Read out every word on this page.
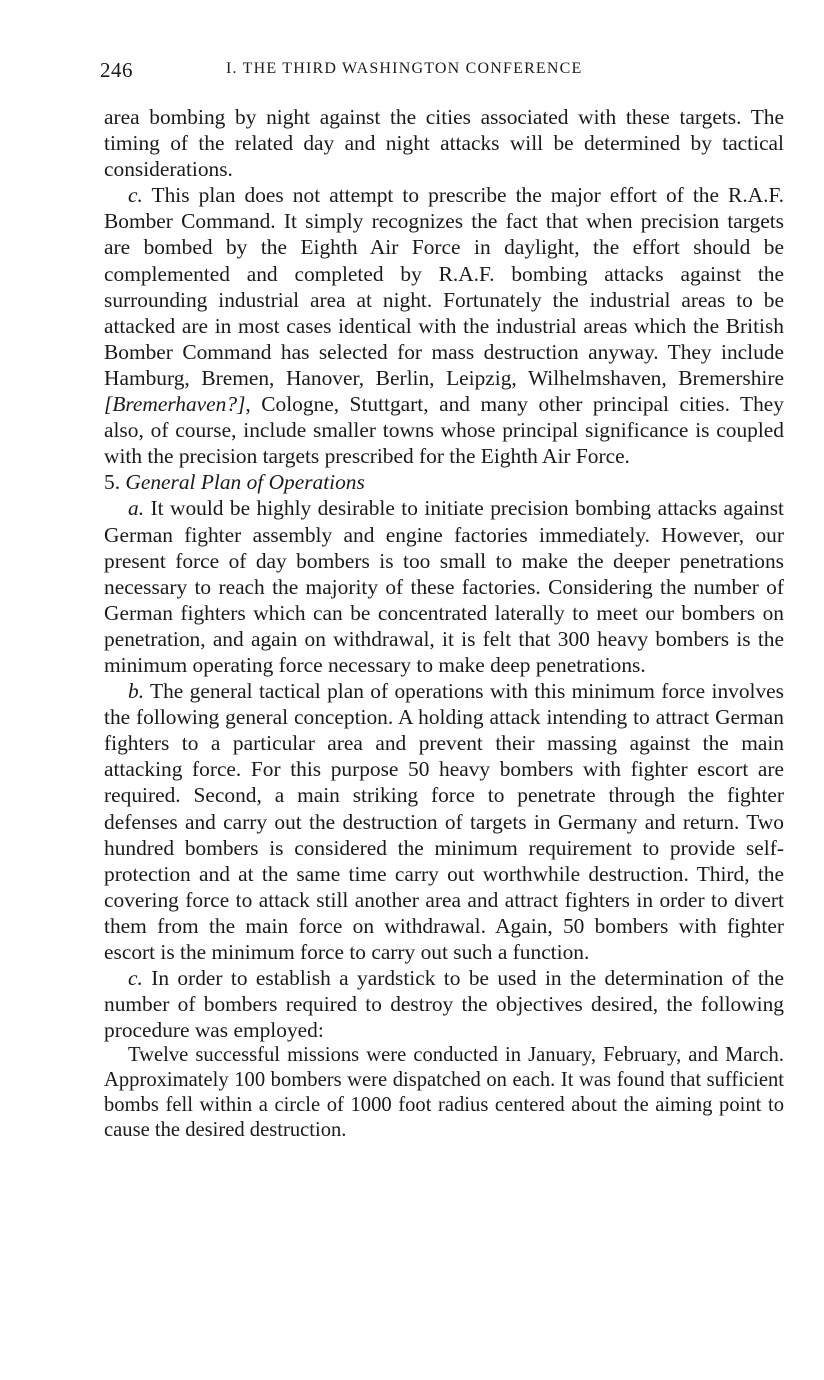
246	I. THE THIRD WASHINGTON CONFERENCE

area bombing by night against the cities associated with these targets. The timing of the related day and night attacks will be determined by tactical considerations.

c. This plan does not attempt to prescribe the major effort of the R.A.F. Bomber Command. It simply recognizes the fact that when precision targets are bombed by the Eighth Air Force in daylight, the effort should be complemented and completed by R.A.F. bombing attacks against the surrounding industrial area at night. Fortunately the industrial areas to be attacked are in most cases identical with the industrial areas which the British Bomber Command has selected for mass destruction anyway. They include Hamburg, Bremen, Hanover, Berlin, Leipzig, Wilhelmshaven, Bremershire [Bremerhaven?], Cologne, Stuttgart, and many other principal cities. They also, of course, include smaller towns whose principal significance is coupled with the precision targets prescribed for the Eighth Air Force.

5. General Plan of Operations

a. It would be highly desirable to initiate precision bombing attacks against German fighter assembly and engine factories immediately. However, our present force of day bombers is too small to make the deeper penetrations necessary to reach the majority of these factories. Considering the number of German fighters which can be concentrated laterally to meet our bombers on penetration, and again on withdrawal, it is felt that 300 heavy bombers is the minimum operating force necessary to make deep penetrations.

b. The general tactical plan of operations with this minimum force involves the following general conception. A holding attack intending to attract German fighters to a particular area and prevent their massing against the main attacking force. For this purpose 50 heavy bombers with fighter escort are required. Second, a main striking force to penetrate through the fighter defenses and carry out the destruction of targets in Germany and return. Two hundred bombers is considered the minimum requirement to provide self-protection and at the same time carry out worthwhile destruction. Third, the covering force to attack still another area and attract fighters in order to divert them from the main force on withdrawal. Again, 50 bombers with fighter escort is the minimum force to carry out such a function.

c. In order to establish a yardstick to be used in the determination of the number of bombers required to destroy the objectives desired, the following procedure was employed:

Twelve successful missions were conducted in January, February, and March. Approximately 100 bombers were dispatched on each. It was found that sufficient bombs fell within a circle of 1000 foot radius centered about the aiming point to cause the desired destruction.
